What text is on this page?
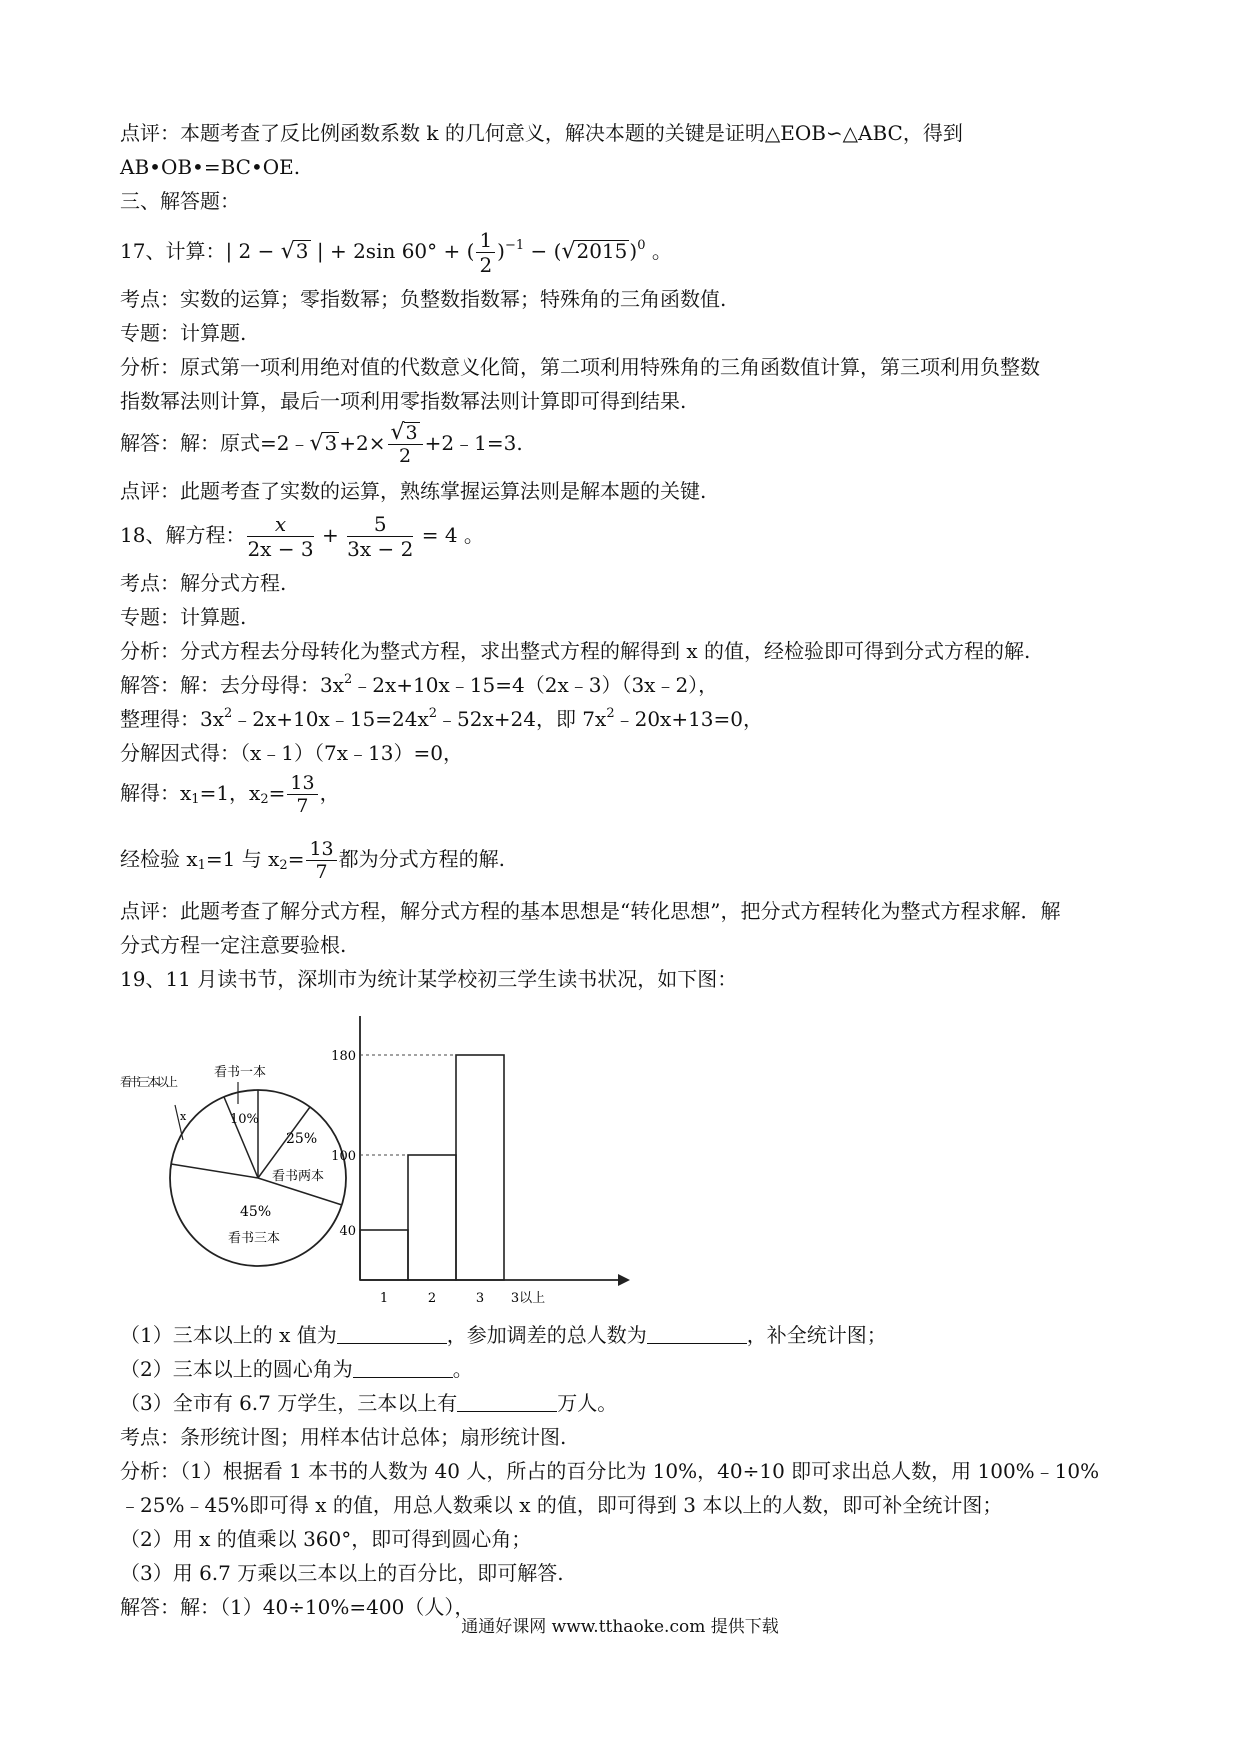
点评：本题考查了反比例函数系数 k 的几何意义，解决本题的关键是证明△EOB∽△ABC，得到
AB•OB•=BC•OE.
三、解答题：
17、计算：| 2 − √3 | + 2sin 60° + ( $\frac{1}{2} )^{-1} - (√2015$ )$^0$ 。
考点：实数的运算；零指数幂；负整数指数幂；特殊角的三角函数值.
专题：计算题.
分析：原式第一项利用绝对值的代数意义化简，第二项利用特殊角的三角函数值计算，第三项利用负整数
指数幂法则计算，最后一项利用零指数幂法则计算即可得到结果.
解答：解：原式=2﹣√3 $+2\times \frac{√3}{2}$ +2﹣1=3.
点评：此题考查了实数的运算，熟练掌握运算法则是解本题的关键.
18、解方程： $\frac{x}{2x - 3} + \frac{5}{3x - 2} = 4$ 。
考点：解分式方程.
专题：计算题.
分析：分式方程去分母转化为整式方程，求出整式方程的解得到 x 的值，经检验即可得到分式方程的解.
解答：解：去分母得：$3x^2﹣2x+10x﹣15=4(2x﹣3)(3x﹣2)$，
整理得：$3x^2﹣2x+10x﹣15=24x^2﹣52x+24$，即 $7x^2﹣20x+13=0$，
分解因式得：（x﹣1）（7x﹣13）=0，
解得：$x_1=1$，$x_2= \frac{13}{7}$ ，
经检验 $x_1=1$ 与 $x_2= \frac{13}{7}$ 都为分式方程的解.
点评：此题考查了解分式方程，解分式方程的基本思想是“转化思想”，把分式方程转化为整式方程求解．解
分式方程一定注意要验根.
19、11 月读书节，深圳市为统计某学校初三学生读书状况，如下图：
看书一本
10%
25%
看书两本
45%
看书三本
看书三本以上
x
40
100
180
1	2	3 3以上
（1）三本以上的 x 值为	，参加调差的总人数为	，补全统计图；
（2）三本以上的圆心角为	。
（3）全市有 6.7 万学生，三本以上有	万人。
考点：条形统计图；用样本估计总体；扇形统计图.
分析：（1）根据看 1 本书的人数为 40 人，所占的百分比为 10%，40÷10 即可求出总人数，用 100%﹣10%
﹣25%﹣45%即可得 x 的值，用总人数乘以 x 的值，即可得到 3 本以上的人数，即可补全统计图；
（2）用 x 的值乘以 360°，即可得到圆心角；
（3）用 6.7 万乘以三本以上的百分比，即可解答.
解答：解：（1）40÷10%=400（人），
通通好课网 www.tthaoke.com 提供下载
